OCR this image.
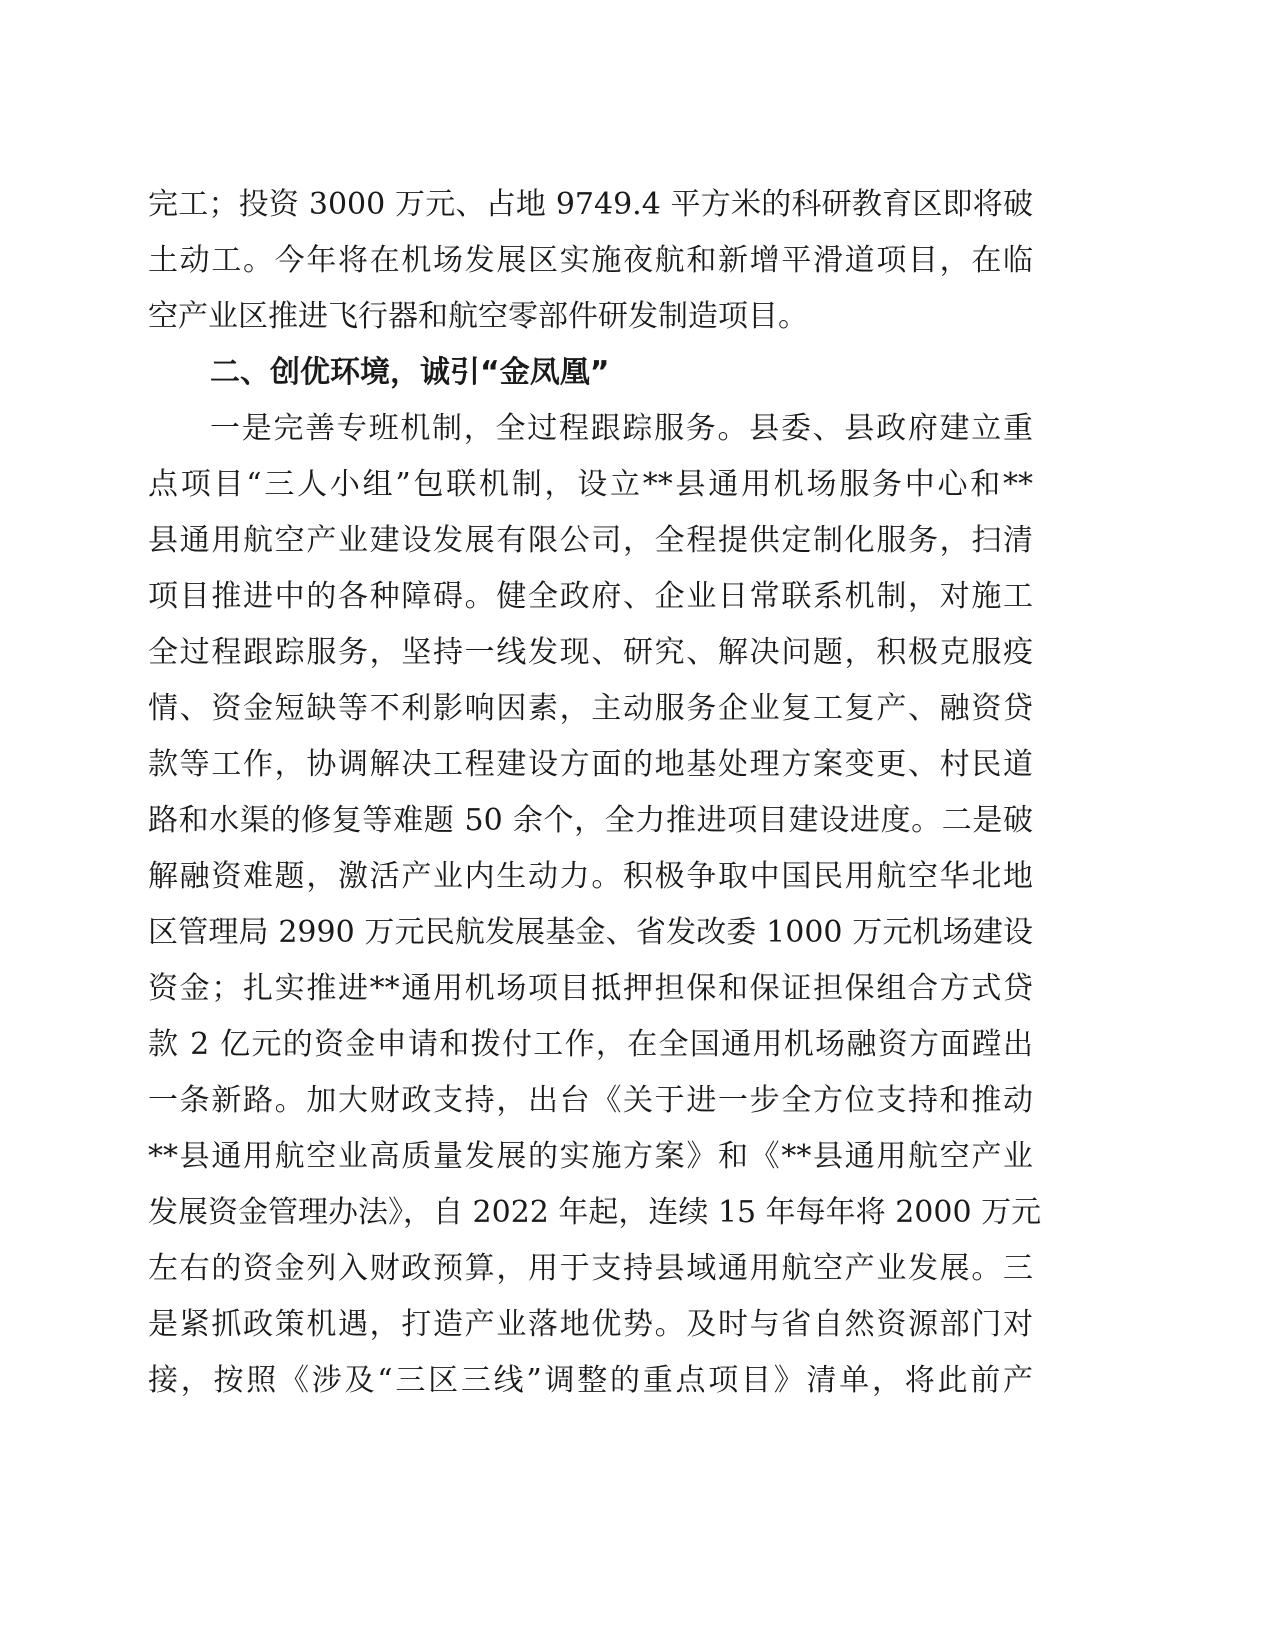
完工；投资 3000 万元、占地 9749.4 平方米的科研教育区即将破
土动工。今年将在机场发展区实施夜航和新增平滑道项目，在临
空产业区推进飞行器和航空零部件研发制造项目。
二、创优环境，诚引“金凤凰”
一是完善专班机制，全过程跟踪服务。县委、县政府建立重
点项目“三人小组”包联机制，设立**县通用机场服务中心和**
县通用航空产业建设发展有限公司，全程提供定制化服务，扫清
项目推进中的各种障碍。健全政府、企业日常联系机制，对施工
全过程跟踪服务，坚持一线发现、研究、解决问题，积极克服疫
情、资金短缺等不利影响因素，主动服务企业复工复产、融资贷
款等工作，协调解决工程建设方面的地基处理方案变更、村民道
路和水渠的修复等难题 50 余个，全力推进项目建设进度。二是破
解融资难题，激活产业内生动力。积极争取中国民用航空华北地
区管理局 2990 万元民航发展基金、省发改委 1000 万元机场建设
资金；扎实推进**通用机场项目抵押担保和保证担保组合方式贷
款 2 亿元的资金申请和拨付工作，在全国通用机场融资方面蹚出
一条新路。加大财政支持，出台《关于进一步全方位支持和推动
**县通用航空业高质量发展的实施方案》和《**县通用航空产业
发展资金管理办法》，自 2022 年起，连续 15 年每年将 2000 万元
左右的资金列入财政预算，用于支持县域通用航空产业发展。三
是紧抓政策机遇，打造产业落地优势。及时与省自然资源部门对
接，按照《涉及“三区三线”调整的重点项目》清单，将此前产
